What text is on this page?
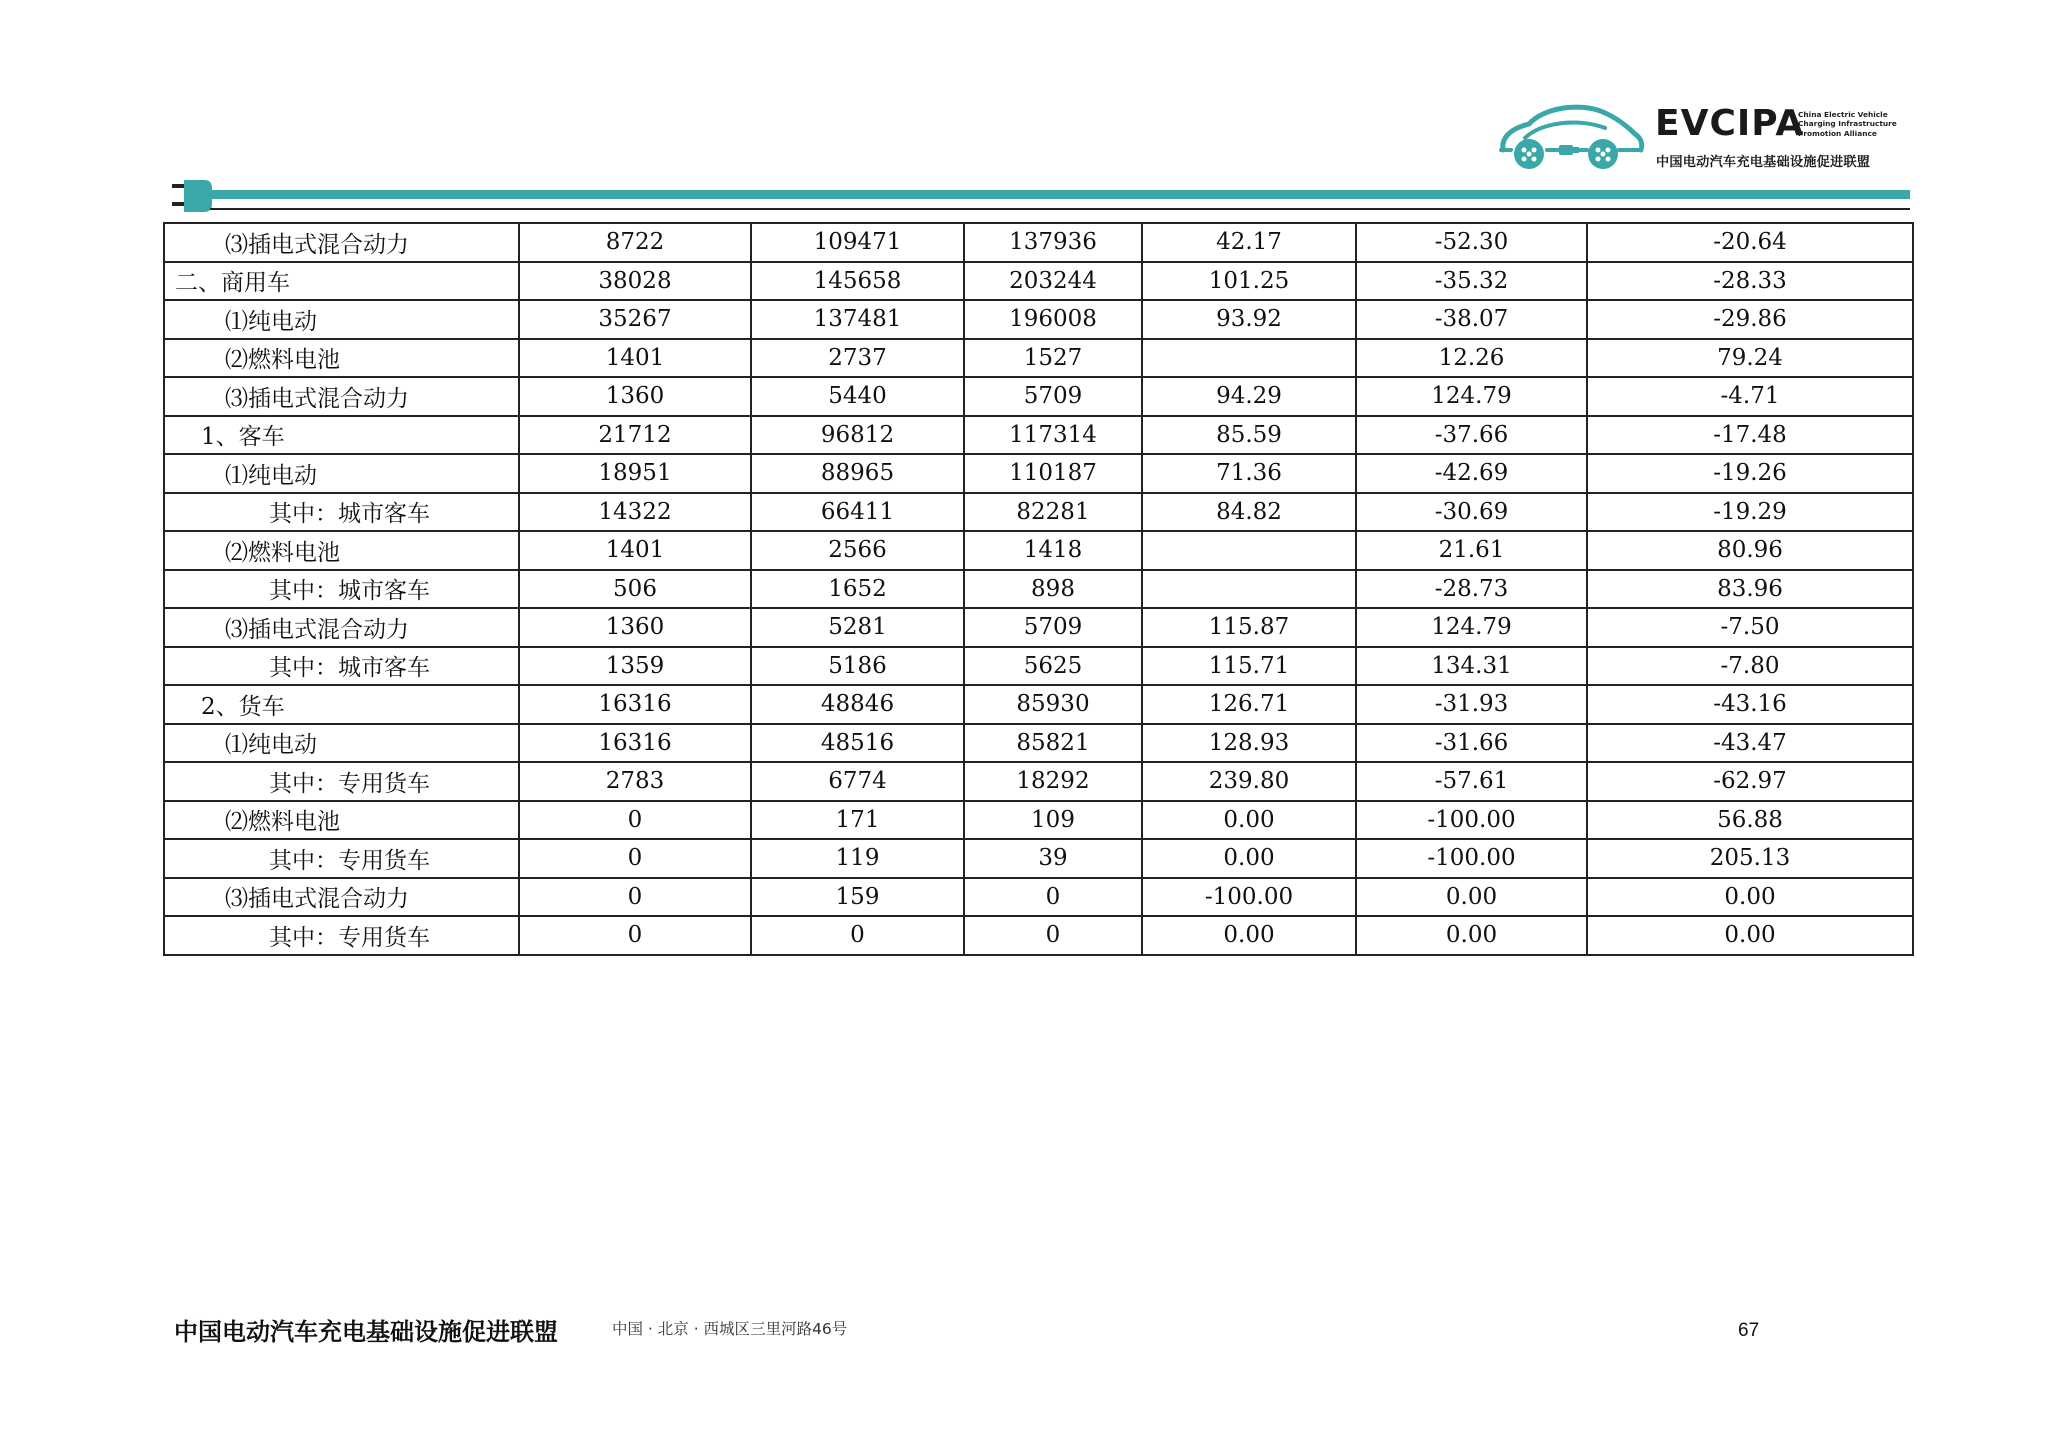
EVCIPA
China Electric Vehicle
Charging Infrastructure
Promotion Alliance
中国电动汽车充电基础设施促进联盟
⑶插电式混合动力	8722	109471	137936	42.17	-52.30	-20.64
二、商用车	38028	145658	203244	101.25	-35.32	-28.33
⑴纯电动	35267	137481	196008	93.92	-38.07	-29.86
⑵燃料电池	1401	2737	1527		12.26	79.24
⑶插电式混合动力	1360	5440	5709	94.29	124.79	-4.71
1、客车	21712	96812	117314	85.59	-37.66	-17.48
⑴纯电动	18951	88965	110187	71.36	-42.69	-19.26
其中：城市客车	14322	66411	82281	84.82	-30.69	-19.29
⑵燃料电池	1401	2566	1418		21.61	80.96
其中：城市客车	506	1652	898		-28.73	83.96
⑶插电式混合动力	1360	5281	5709	115.87	124.79	-7.50
其中：城市客车	1359	5186	5625	115.71	134.31	-7.80
2、货车	16316	48846	85930	126.71	-31.93	-43.16
⑴纯电动	16316	48516	85821	128.93	-31.66	-43.47
其中：专用货车	2783	6774	18292	239.80	-57.61	-62.97
⑵燃料电池	0	171	109	0.00	-100.00	56.88
其中：专用货车	0	119	39	0.00	-100.00	205.13
⑶插电式混合动力	0	159	0	-100.00	0.00	0.00
其中：专用货车	0	0	0	0.00	0.00	0.00
中国电动汽车充电基础设施促进联盟	中国 · 北京 · 西城区三里河路46号	67
